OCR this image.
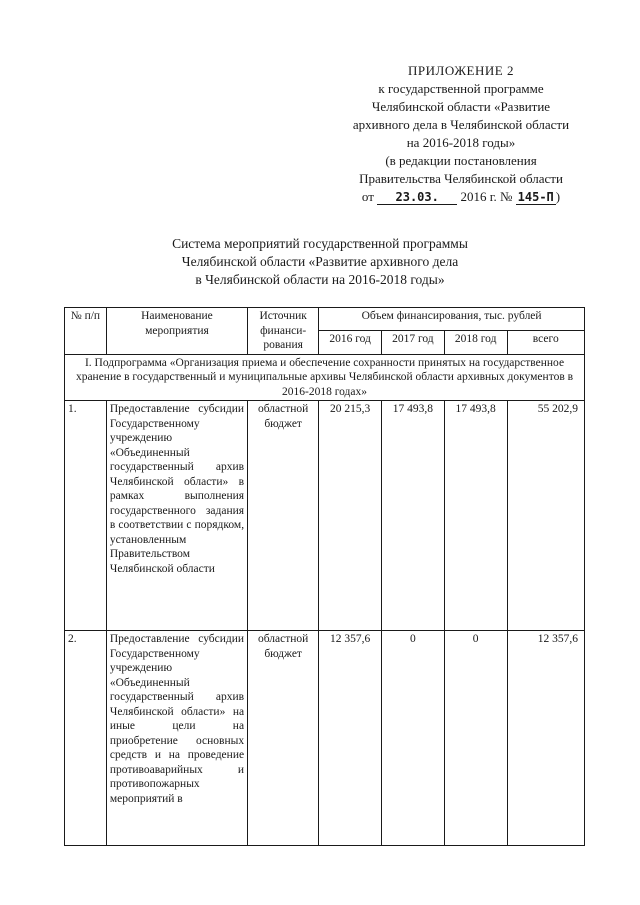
ПРИЛОЖЕНИЕ 2
к государственной программе
Челябинской области «Развитие
архивного дела в Челябинской области
на 2016-2018 годы»
(в редакции постановления
Правительства Челябинской области
от 23.03. 2016 г. № 145-П )
Система мероприятий государственной программы
Челябинской области «Развитие архивного дела
в Челябинской области на 2016-2018 годы»
№ п/п	Наименование мероприятия	Источник финанси-рования	Объем финансирования, тыс. рублей			
			2016 год	2017 год	2018 год	всего
I. Подпрограмма «Организация приема и обеспечение сохранности принятых на государственное хранение в государственный и муниципальные архивы Челябинской области архивных документов в 2016-2018 годах»						
1.	Предоставление субсидии Государственному учреждению «Объединенный государственный архив Челябинской области» в рамках выполнения государственного задания в соответствии с порядком, установленным Правительством Челябинской области	областной бюджет	20 215,3	17 493,8	17 493,8	55 202,9
2.	Предоставление субсидии Государственному учреждению «Объединенный государственный архив Челябинской области» на иные цели на приобретение основных средств и на проведение противоаварийных и противопожарных мероприятий в	областной бюджет	12 357,6	0	0	12 357,6
